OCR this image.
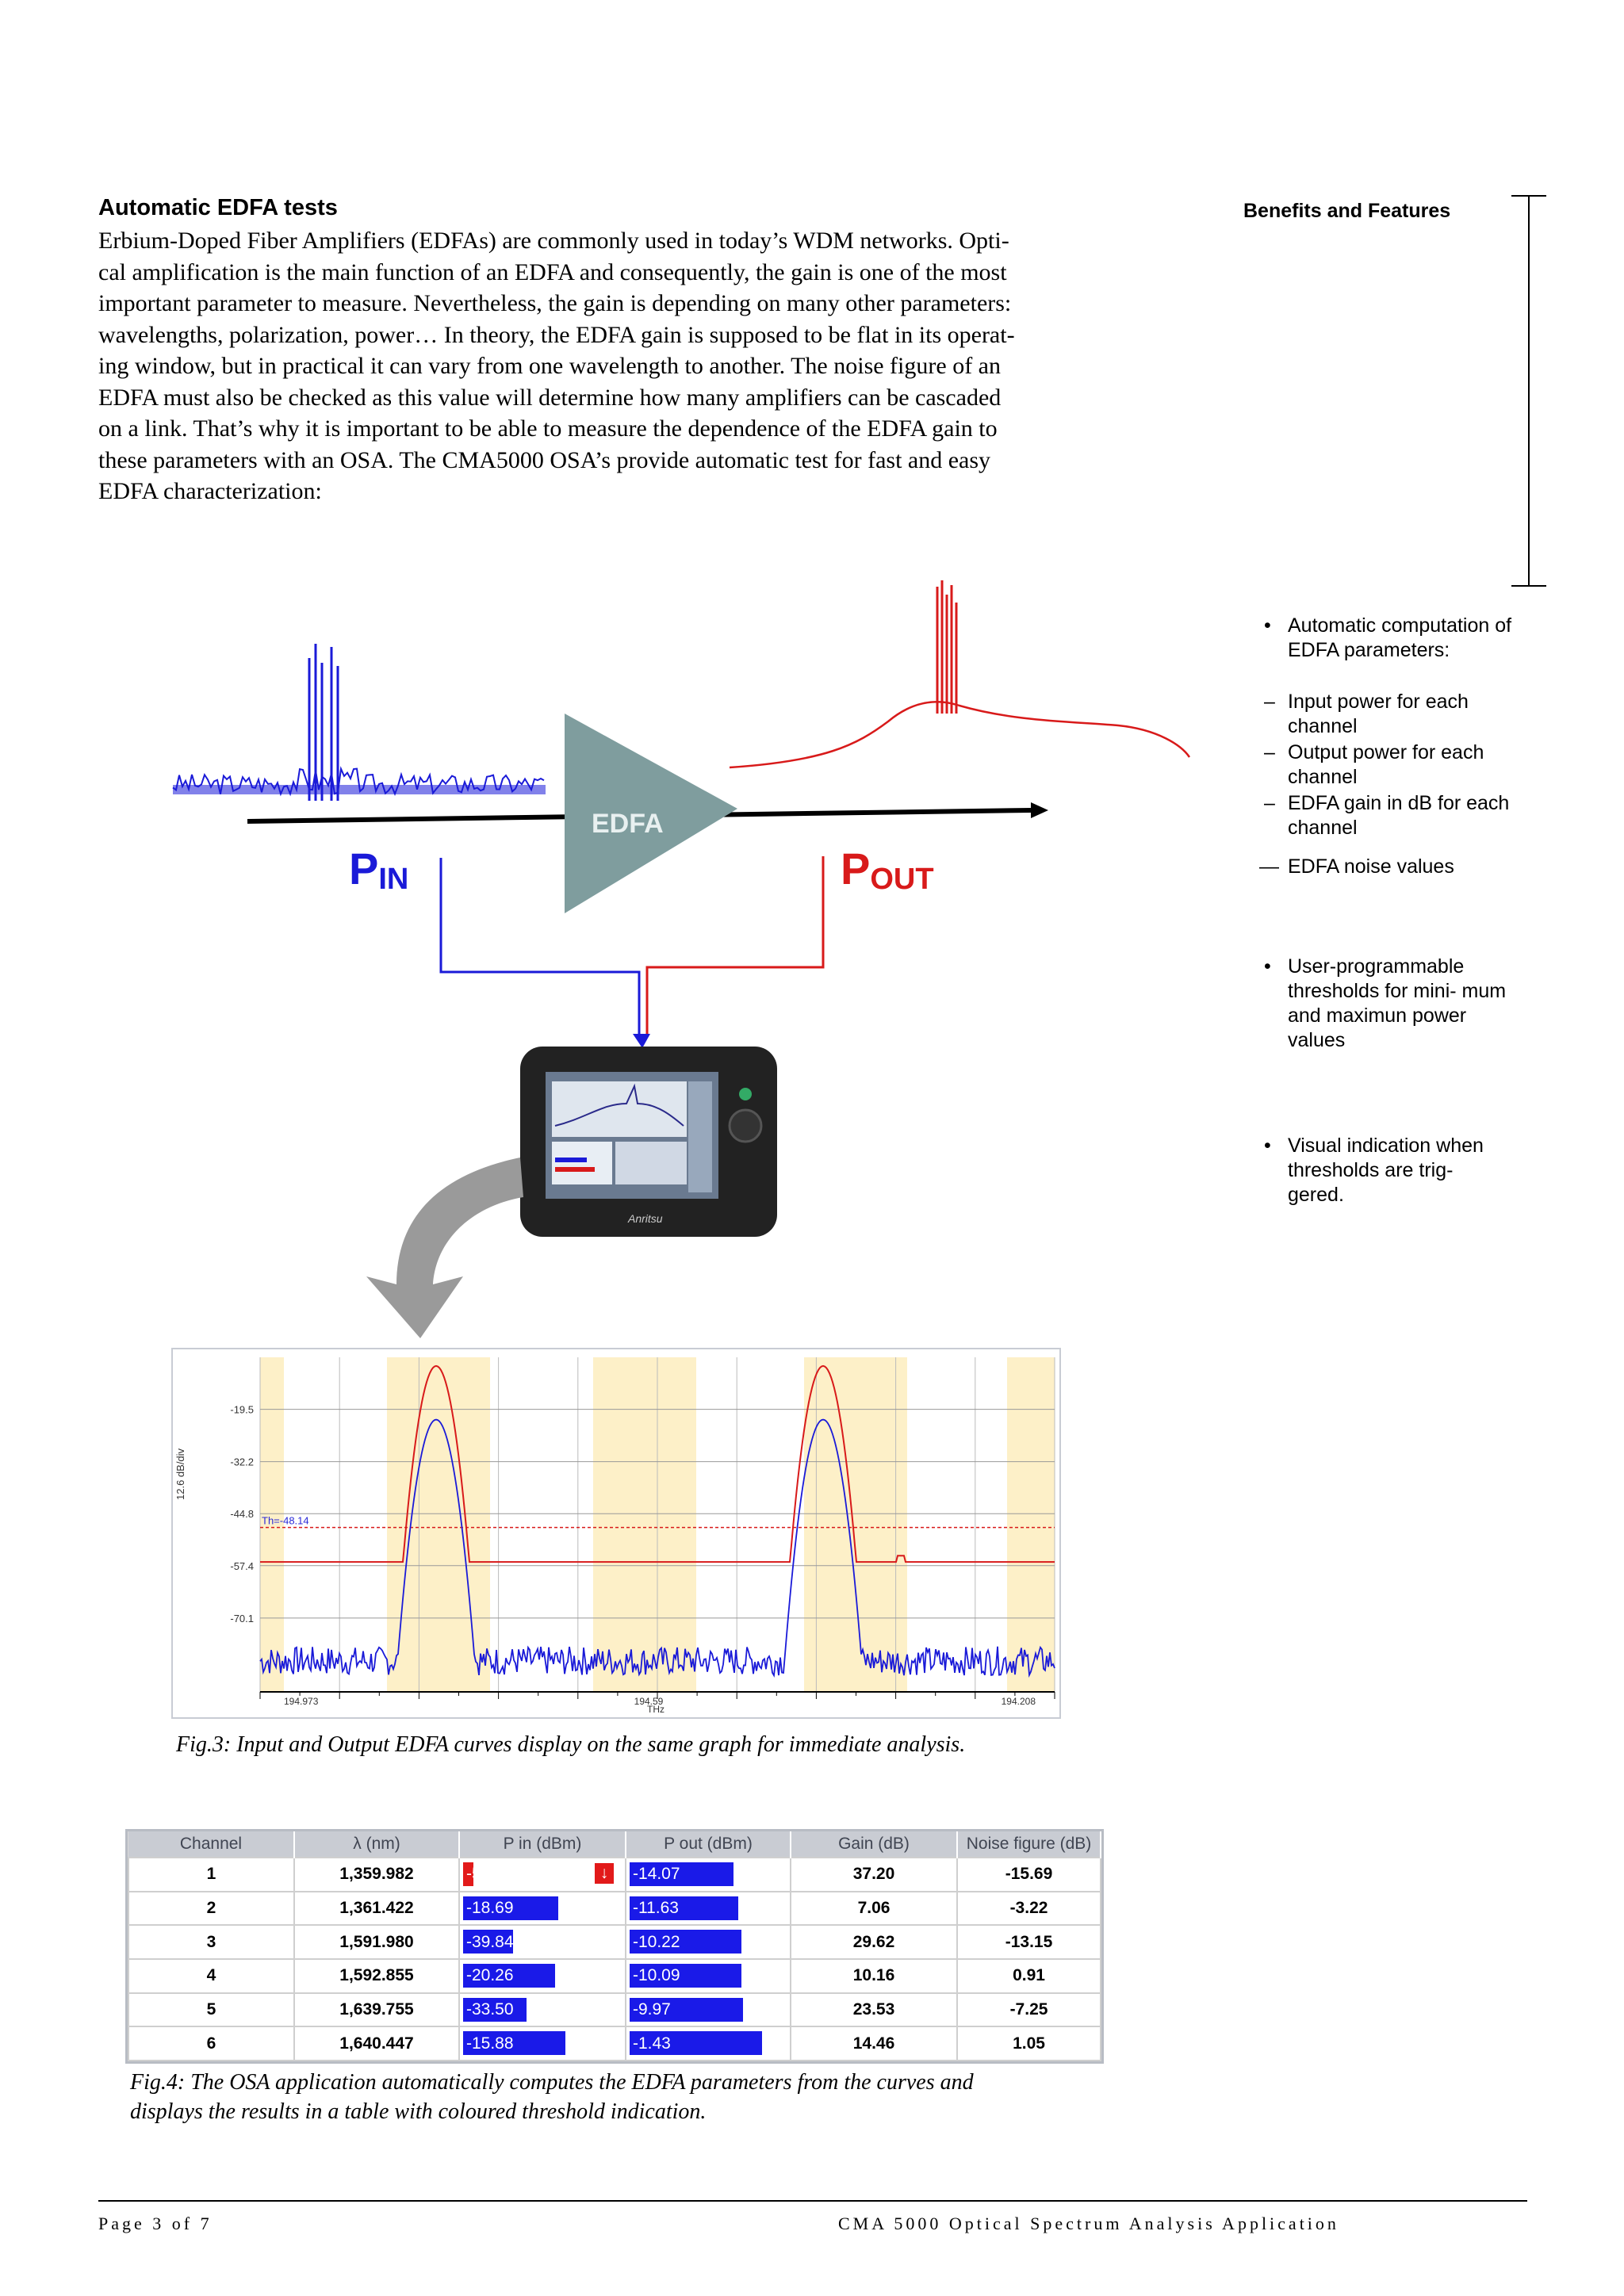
Automatic EDFA tests
Erbium-Doped Fiber Amplifiers (EDFAs) are commonly used in today’s WDM networks. Opti-
cal amplification is the main function of an EDFA and consequently, the gain is one of the most
important parameter to measure. Nevertheless, the gain is depending on many other parameters:
wavelengths, polarization, power… In theory, the EDFA gain is supposed to be flat in its operat-
ing window, but in practical it can vary from one wavelength to another. The noise figure of an
EDFA must also be checked as this value will determine how many amplifiers can be cascaded
on a link. That’s why it is important to be able to measure the dependence of the EDFA gain to
these parameters with an OSA. The CMA5000 OSA’s provide automatic test for fast and easy
EDFA characterization:
Benefits and Features
• Automatic computation of EDFA parameters:
– Input power for each channel
– Output power for each channel
– EDFA gain in dB for each channel
— EDFA noise values
• User-programmable thresholds for mini- mum and maximun power values
• Visual indication when thresholds are trig- gered.
EDFA
PIN	POUT
Anritsu
-19.5
-32.2
-44.8
-57.4
-70.1
Th=-48.14
194.973	194.59	194.208
12.6 dB/div
THz
Fig.3: Input and Output EDFA curves display on the same graph for immediate analysis.
Channel	λ (nm)	P in (dBm)	P out (dBm)	Gain (dB)	Noise figure (dB)
1	1,359.982	-51.27 ↓	-14.07	37.20	-15.69
2	1,361.422	-18.69	-11.63	7.06	-3.22
3	1,591.980	-39.84	-10.22	29.62	-13.15
4	1,592.855	-20.26	-10.09	10.16	0.91
5	1,639.755	-33.50	-9.97	23.53	-7.25
6	1,640.447	-15.88	-1.43	14.46	1.05
Fig.4: The OSA application automatically computes the EDFA parameters from the curves and
displays the results in a table with coloured threshold indication.
Page 3 of 7	CMA 5000 Optical Spectrum Analysis Application
